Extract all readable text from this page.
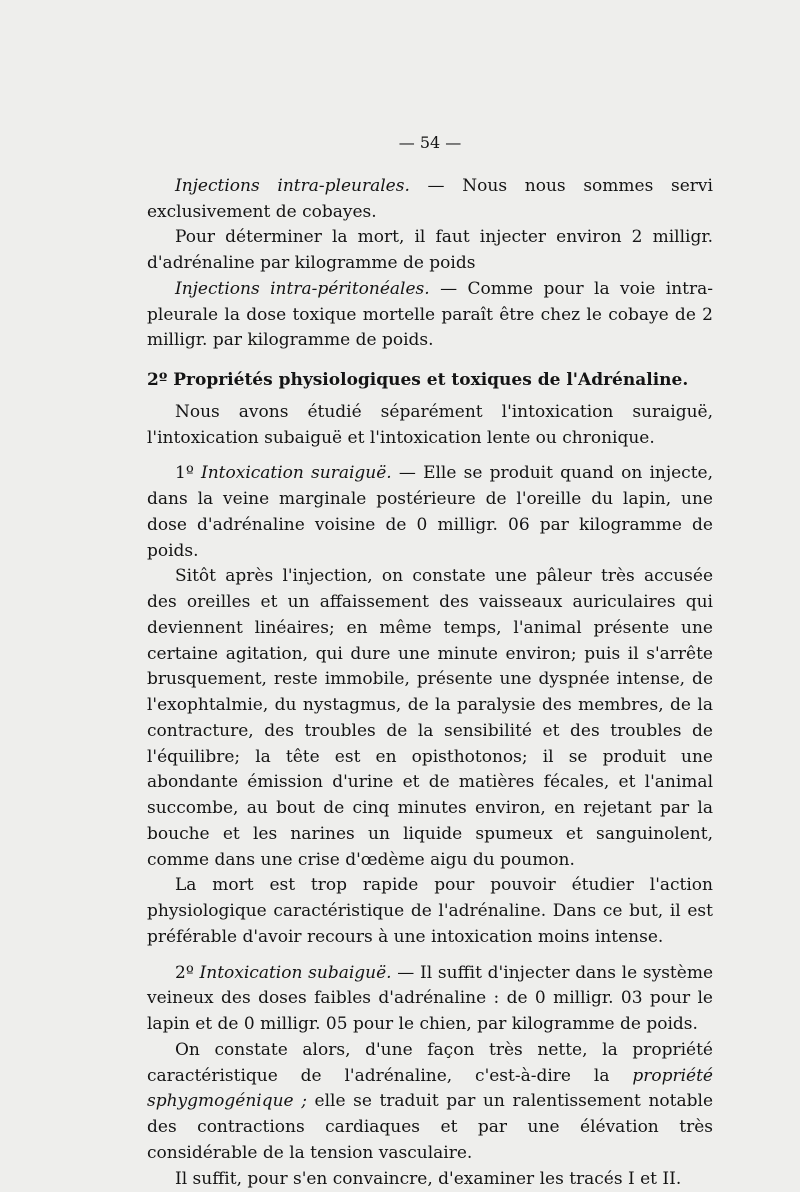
— 54 —

Injections intra-pleurales. — Nous nous sommes servi exclusivement de cobayes.

Pour déterminer la mort, il faut injecter environ 2 milligr. d'adrénaline par kilogramme de poids

Injections intra-péritonéales. — Comme pour la voie intra-pleurale la dose toxique mortelle paraît être chez le cobaye de 2 milligr. par kilogramme de poids.

2º Propriétés physiologiques et toxiques de l'Adrénaline.

Nous avons étudié séparément l'intoxication suraiguë, l'intoxication subaiguë et l'intoxication lente ou chronique.

1º Intoxication suraiguë. — Elle se produit quand on injecte, dans la veine marginale postérieure de l'oreille du lapin, une dose d'adrénaline voisine de 0 milligr. 06 par kilogramme de poids.

Sitôt après l'injection, on constate une pâleur très accusée des oreilles et un affaissement des vaisseaux auriculaires qui deviennent linéaires; en même temps, l'animal présente une certaine agitation, qui dure une minute environ; puis il s'arrête brusquement, reste immobile, présente une dyspnée intense, de l'exophtalmie, du nystagmus, de la paralysie des membres, de la contracture, des troubles de la sensibilité et des troubles de l'équilibre; la tête est en opisthotonos; il se produit une abondante émission d'urine et de matières fécales, et l'animal succombe, au bout de cinq minutes environ, en rejetant par la bouche et les narines un liquide spumeux et sanguinolent, comme dans une crise d'œdème aigu du poumon.

La mort est trop rapide pour pouvoir étudier l'action physiologique caractéristique de l'adrénaline. Dans ce but, il est préférable d'avoir recours à une intoxication moins intense.

2º Intoxication subaiguë. — Il suffit d'injecter dans le système veineux des doses faibles d'adrénaline : de 0 milligr. 03 pour le lapin et de 0 milligr. 05 pour le chien, par kilogramme de poids.

On constate alors, d'une façon très nette, la propriété caractéristique de l'adrénaline, c'est-à-dire la propriété sphygmogénique ; elle se traduit par un ralentissement notable des contractions cardiaques et par une élévation très considérable de la tension vasculaire.

Il suffit, pour s'en convaincre, d'examiner les tracés I et II.
